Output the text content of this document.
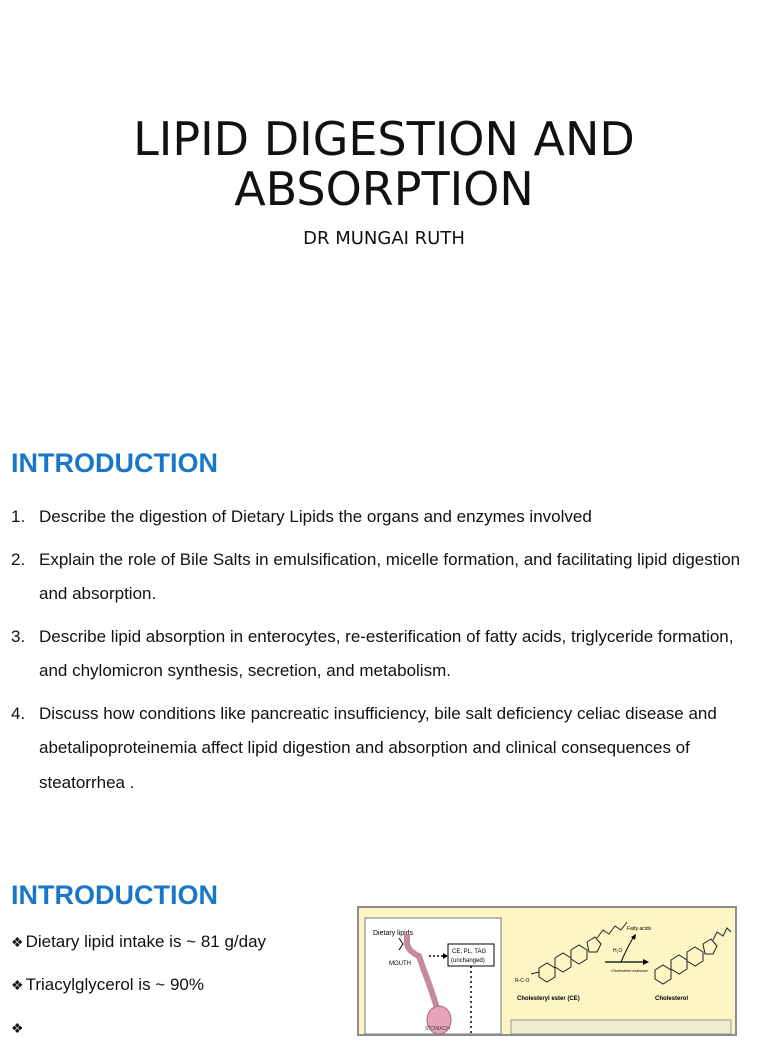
LIPID DIGESTION AND
ABSORPTION

DR MUNGAI RUTH

INTRODUCTION
1. Describe the digestion of Dietary Lipids the organs and enzymes involved
2. Explain the role of Bile Salts in emulsification, micelle formation, and facilitating lipid digestion and absorption.
3. Describe lipid absorption in enterocytes, re-esterification of fatty acids, triglyceride formation, and chylomicron synthesis, secretion, and metabolism.
4. Discuss how conditions like pancreatic insufficiency, bile salt deficiency celiac disease and abetalipoproteinemia affect lipid digestion and absorption and clinical consequences of steatorrhea .
INTRODUCTION
❖ Dietary lipid intake is ~ 81 g/day
❖ Triacylglycerol is ~ 90%
❖
Dietary lipids
MOUTH
STOMACH
CE, PL, TAG
(unchanged)
R-C-O
Cholesteryl ester (CE)
Fatty acids
H₂O
Cholesterol esterase
Cholesterol
